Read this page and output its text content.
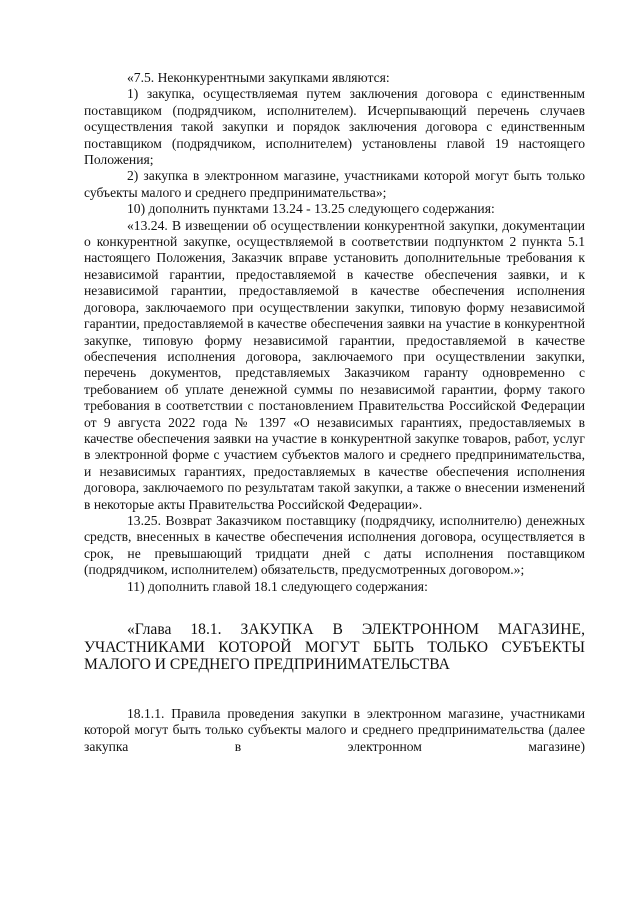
«7.5. Неконкурентными закупками являются:

1) закупка, осуществляемая путем заключения договора с единственным поставщиком (подрядчиком, исполнителем). Исчерпывающий перечень случаев осуществления такой закупки и порядок заключения договора с единственным поставщиком (подрядчиком, исполнителем) установлены главой 19 настоящего Положения;

2) закупка в электронном магазине, участниками которой могут быть только субъекты малого и среднего предпринимательства»;

10) дополнить пунктами 13.24 - 13.25 следующего содержания:

«13.24. В извещении об осуществлении конкурентной закупки, документации о конкурентной закупке, осуществляемой в соответствии подпунктом 2 пункта 5.1 настоящего Положения, Заказчик вправе установить дополнительные требования к независимой гарантии, предоставляемой в качестве обеспечения заявки, и к независимой гарантии, предоставляемой в качестве обеспечения исполнения договора, заключаемого при осуществлении закупки, типовую форму независимой гарантии, предоставляемой в качестве обеспечения заявки на участие в конкурентной закупке, типовую форму независимой гарантии, предоставляемой в качестве обеспечения исполнения договора, заключаемого при осуществлении закупки, перечень документов, представляемых Заказчиком гаранту одновременно с требованием об уплате денежной суммы по независимой гарантии, форму такого требования в соответствии с постановлением Правительства Российской Федерации от 9 августа 2022 года № 1397 «О независимых гарантиях, предоставляемых в качестве обеспечения заявки на участие в конкурентной закупке товаров, работ, услуг в электронной форме с участием субъектов малого и среднего предпринимательства, и независимых гарантиях, предоставляемых в качестве обеспечения исполнения договора, заключаемого по результатам такой закупки, а также о внесении изменений в некоторые акты Правительства Российской Федерации».

13.25. Возврат Заказчиком поставщику (подрядчику, исполнителю) денежных средств, внесенных в качестве обеспечения исполнения договора, осуществляется в срок, не превышающий тридцати дней с даты исполнения поставщиком (подрядчиком, исполнителем) обязательств, предусмотренных договором.»;

11) дополнить главой 18.1 следующего содержания:

«Глава 18.1. ЗАКУПКА В ЭЛЕКТРОННОМ МАГАЗИНЕ, УЧАСТНИКАМИ КОТОРОЙ МОГУТ БЫТЬ ТОЛЬКО СУБЪЕКТЫ МАЛОГО И СРЕДНЕГО ПРЕДПРИНИМАТЕЛЬСТВА

18.1.1. Правила проведения закупки в электронном магазине, участниками которой могут быть только субъекты малого и среднего предпринимательства (далее закупка в электронном магазине)
